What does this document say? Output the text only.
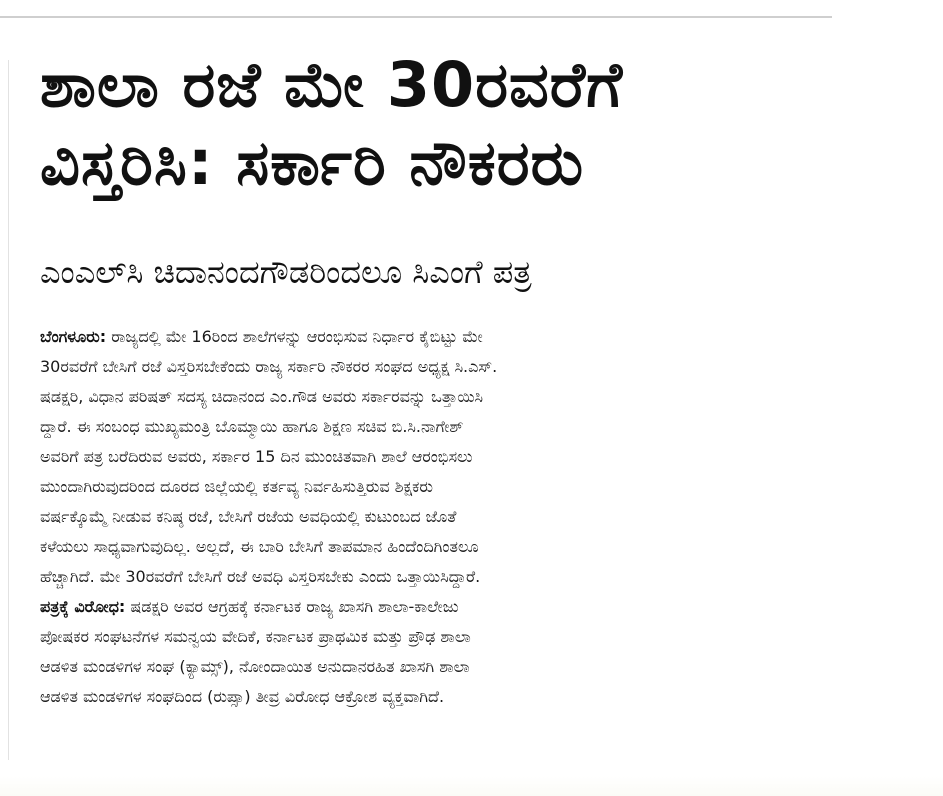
ಶಾಲಾ ರಜೆ ಮೇ 30ರವರೆಗೆ
ವಿಸ್ತರಿಸಿ: ಸರ್ಕಾರಿ ನೌಕರರು
ಎಂಎಲ್‌ಸಿ ಚಿದಾನಂದಗೌಡರಿಂದಲೂ ಸಿಎಂಗೆ ಪತ್ರ
ಬೆಂಗಳೂರು: ರಾಜ್ಯದಲ್ಲಿ ಮೇ 16ರಿಂದ ಶಾಲೆಗಳನ್ನು ಆರಂಭಿಸುವ ನಿರ್ಧಾರ ಕೈಬಿಟ್ಟು ಮೇ
30ರವರೆಗೆ ಬೇಸಿಗೆ ರಜೆ ವಿಸ್ತರಿಸಬೇಕೆಂದು ರಾಜ್ಯ ಸರ್ಕಾರಿ ನೌಕರರ ಸಂಘದ ಅಧ್ಯಕ್ಷ ಸಿ.ಎಸ್.
ಷಡಕ್ಷರಿ, ವಿಧಾನ ಪರಿಷತ್ ಸದಸ್ಯ ಚಿದಾನಂದ ಎಂ.ಗೌಡ ಅವರು ಸರ್ಕಾರವನ್ನು ಒತ್ತಾಯಿಸಿ
ದ್ದಾರೆ. ಈ ಸಂಬಂಧ ಮುಖ್ಯಮಂತ್ರಿ ಬೊಮ್ಮಾಯಿ ಹಾಗೂ ಶಿಕ್ಷಣ ಸಚಿವ ಬಿ.ಸಿ.ನಾಗೇಶ್
ಅವರಿಗೆ ಪತ್ರ ಬರೆದಿರುವ ಅವರು, ಸರ್ಕಾರ 15 ದಿನ ಮುಂಚಿತವಾಗಿ ಶಾಲೆ ಆರಂಭಿಸಲು
ಮುಂದಾಗಿರುವುದರಿಂದ ದೂರದ ಜಿಲ್ಲೆಯಲ್ಲಿ ಕರ್ತವ್ಯ ನಿರ್ವಹಿಸುತ್ತಿರುವ ಶಿಕ್ಷಕರು
ವರ್ಷಕ್ಕೊಮ್ಮೆ ನೀಡುವ ಕನಿಷ್ಠ ರಜೆ, ಬೇಸಿಗೆ ರಜೆಯ ಅವಧಿಯಲ್ಲಿ ಕುಟುಂಬದ ಜೊತೆ
ಕಳೆಯಲು ಸಾಧ್ಯವಾಗುವುದಿಲ್ಲ. ಅಲ್ಲದೆ, ಈ ಬಾರಿ ಬೇಸಿಗೆ ತಾಪಮಾನ ಹಿಂದೆಂದಿಗಿಂತಲೂ
ಹೆಚ್ಚಾಗಿದೆ. ಮೇ 30ರವರೆಗೆ ಬೇಸಿಗೆ ರಜೆ ಅವಧಿ ವಿಸ್ತರಿಸಬೇಕು ಎಂದು ಒತ್ತಾಯಿಸಿದ್ದಾರೆ.
ಪತ್ರಕ್ಕೆ ವಿರೋಧ: ಷಡಕ್ಷರಿ ಅವರ ಆಗ್ರಹಕ್ಕೆ ಕರ್ನಾಟಕ ರಾಜ್ಯ ಖಾಸಗಿ ಶಾಲಾ-ಕಾಲೇಜು
ಪೋಷಕರ ಸಂಘಟನೆಗಳ ಸಮನ್ವಯ ವೇದಿಕೆ, ಕರ್ನಾಟಕ ಪ್ರಾಥಮಿಕ ಮತ್ತು ಪ್ರೌಢ ಶಾಲಾ
ಆಡಳಿತ ಮಂಡಳಿಗಳ ಸಂಘ (ಕ್ಯಾಮ್ಸ್), ನೋಂದಾಯಿತ ಅನುದಾನರಹಿತ ಖಾಸಗಿ ಶಾಲಾ
ಆಡಳಿತ ಮಂಡಳಿಗಳ ಸಂಘದಿಂದ (ರುಪ್ಸಾ) ತೀವ್ರ ವಿರೋಧ ಆಕ್ರೋಶ ವ್ಯಕ್ತವಾಗಿದೆ.
